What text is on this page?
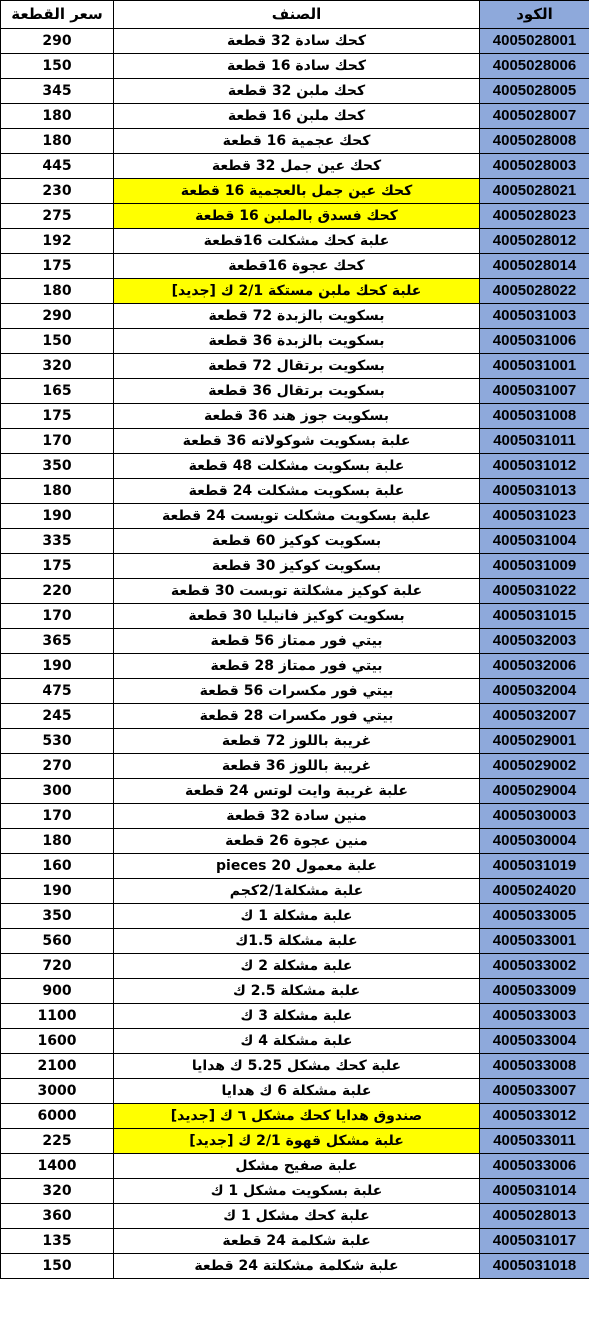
سعر القطعة	الصنف	الكود
290	كحك سادة 32 قطعة	4005028001
150	كحك سادة 16 قطعة	4005028006
345	كحك ملبن 32 قطعة	4005028005
180	كحك ملبن 16 قطعة	4005028007
180	كحك عجمية 16 قطعة	4005028008
445	كحك عين جمل 32 قطعة	4005028003
230	كحك عين جمل بالعجمية 16 قطعة	4005028021
275	كحك فسدق بالملبن 16 قطعة	4005028023
192	علبة كحك مشكلت 16قطعة	4005028012
175	كحك عجوة 16قطعة	4005028014
180	علبة كحك ملبن مستكة 2/1 ك [جديد]	4005028022
290	بسكويت بالزبدة 72 قطعة	4005031003
150	بسكويت بالزبدة 36 قطعة	4005031006
320	بسكويت برتقال 72 قطعة	4005031001
165	بسكويت برتقال 36 قطعة	4005031007
175	بسكويت جوز هند 36 قطعة	4005031008
170	علبة بسكويت شوكولاته 36 قطعة	4005031011
350	علبة بسكويت مشكلت 48 قطعة	4005031012
180	علبة بسكويت مشكلت 24 قطعة	4005031013
190	علبة بسكويت مشكلت تويست 24 قطعة	4005031023
335	بسكويت كوكيز 60 قطعة	4005031004
175	بسكويت كوكيز 30 قطعة	4005031009
220	علبة كوكيز مشكلتة توبست 30 قطعة	4005031022
170	بسكويت كوكيز فانيليا 30 قطعة	4005031015
365	بيتي فور ممتاز 56 قطعة	4005032003
190	بيتي فور ممتاز 28 قطعة	4005032006
475	بيتي فور مكسرات 56 قطعة	4005032004
245	بيتي فور مكسرات 28 قطعة	4005032007
530	غريبة باللوز 72 قطعة	4005029001
270	غريبة باللوز 36 قطعة	4005029002
300	علبة غريبة وايت لوتس 24 قطعة	4005029004
170	منين سادة 32 قطعة	4005030003
180	منين عجوة 26 قطعة	4005030004
160	علبة معمول 20 pieces	4005031019
190	علبة مشكلة2/1كجم	4005024020
350	علبة مشكلة 1 ك	4005033005
560	علبة مشكلة 1.5ك	4005033001
720	علبة مشكلة 2 ك	4005033002
900	علبة مشكلة 2.5 ك	4005033009
1100	علبة مشكلة 3 ك	4005033003
1600	علبة مشكلة 4 ك	4005033004
2100	علبة كحك مشكل 5.25 ك هدايا	4005033008
3000	علبة مشكلة 6 ك هدايا	4005033007
6000	صندوق هدايا كحك مشكل ٦ ك [جديد]	4005033012
225	علبة مشكل قهوة 2/1 ك [جديد]	4005033011
1400	علبة صفيح مشكل	4005033006
320	علبة بسكويت مشكل 1 ك	4005031014
360	علبة كحك مشكل 1 ك	4005028013
135	علبة شكلمة 24 قطعة	4005031017
150	علبة شكلمة مشكلتة 24 قطعة	4005031018
